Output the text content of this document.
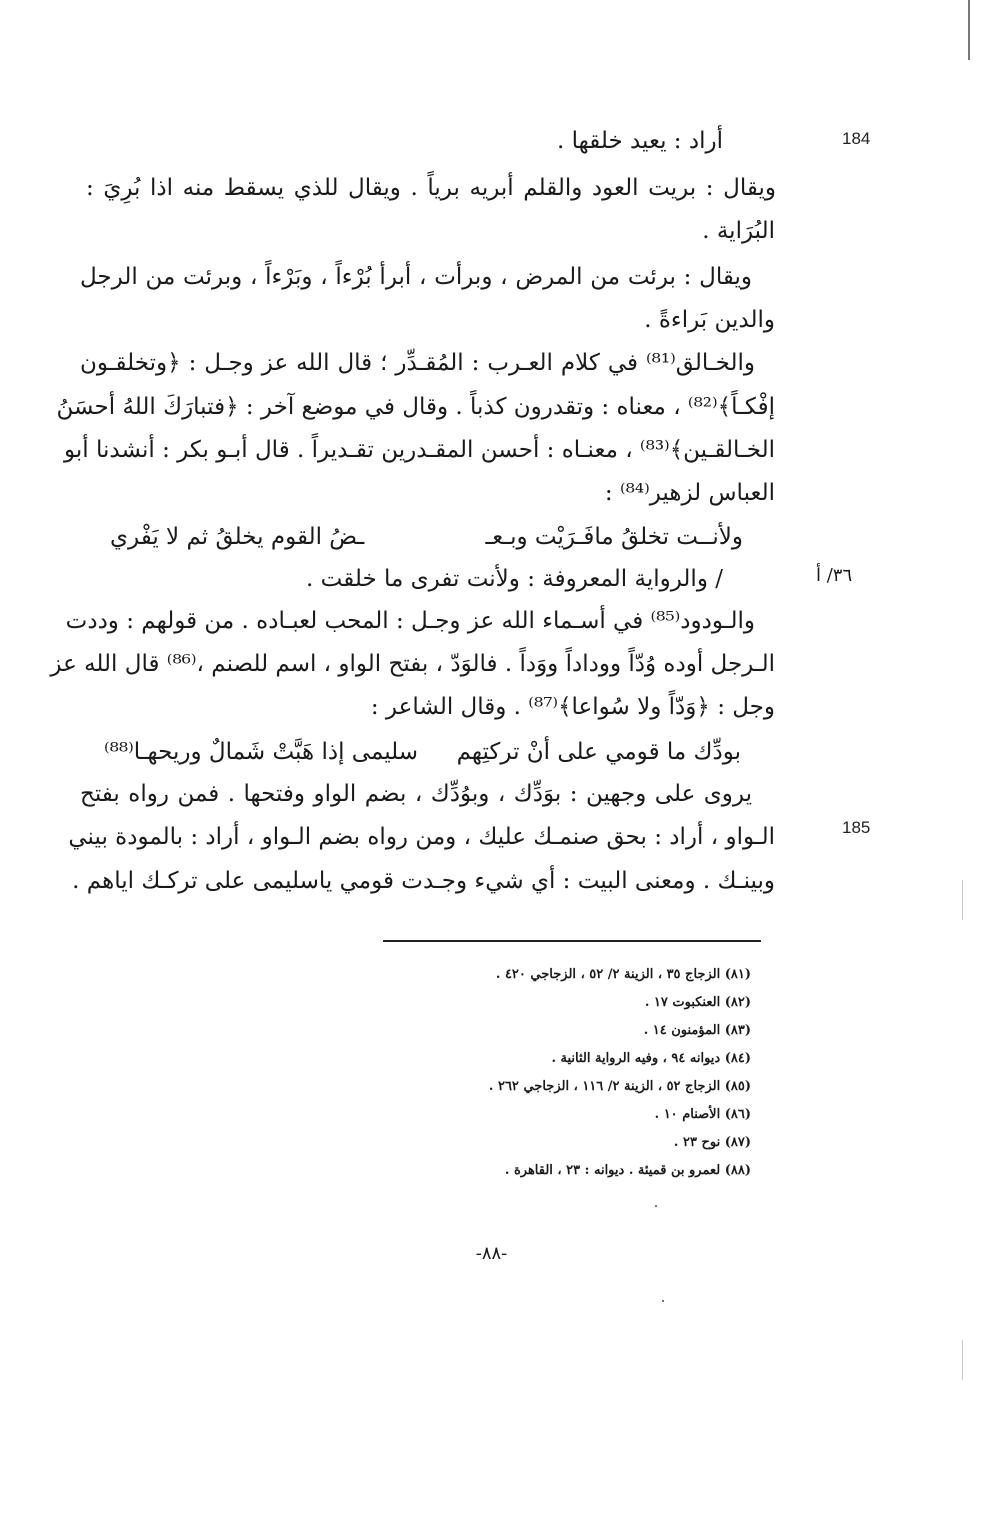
184
185
٣٦/ أ
أراد : يعيد خلقها .
ويقال : بريت العود والقلم أبريه برياً . ويقال للذي يسقط منه اذا بُرِيَ :
البُرَاية .
ويقال : برئت من المرض ، وبرأت ، أبرأ بُرْءاً ، وبَرْءاً ، وبرئت من الرجل
والدين بَراءةً .
والخـالق⁽⁸¹⁾ في كلام العـرب : المُقـدِّر ؛ قال الله عز وجـل : ﴿وتخلقـون
إفْكـاً﴾⁽⁸²⁾ ، معناه : وتقدرون كذباً . وقال في موضع آخر : ﴿فتبارَكَ اللهُ أحسَنُ
الخـالقـين﴾⁽⁸³⁾ ، معنـاه : أحسن المقـدرين تقـديراً . قال أبـو بكر : أنشدنا أبو
العباس لزهير⁽⁸⁴⁾ :
ولأنــت تخلقُ مافَـرَيْت وبـعـ
ـضُ القوم يخلقُ ثم لا يَفْري
/ والرواية المعروفة : ولأنت تفرى ما خلقت .
والـودود⁽⁸⁵⁾ في أسـماء الله عز وجـل : المحب لعبـاده . من قولهم : وددت
الـرجل أوده وُدّاً ووداداً ووَداً . فالوَدّ ، بفتح الواو ، اسم للصنم ،⁽⁸⁶⁾ قال الله عز
وجل : ﴿وَدّاً ولا سُواعا﴾⁽⁸⁷⁾ . وقال الشاعر :
بودِّك ما قومي على أنْ تركتِهم
سليمى إذا هَبَّتْ شَمالٌ وريحهـا⁽⁸⁸⁾
يروى على وجهين : بوَدِّك ، وبوُدِّك ، بضم الواو وفتحها . فمن رواه بفتح
الـواو ، أراد : بحق صنمـك عليك ، ومن رواه بضم الـواو ، أراد : بالمودة بيني
وبينـك . ومعنى البيت : أي شيء وجـدت قومي ياسليمى على تركـك اياهم .
(٨١) الزجاج ٣٥ ، الزينة ٢/ ٥٢ ، الزجاجي ٤٢٠ .
(٨٢) العنكبوت ١٧ .
(٨٣) المؤمنون ١٤ .
(٨٤) ديوانه ٩٤ ، وفيه الرواية الثانية .
(٨٥) الزجاج ٥٢ ، الزينة ٢/ ١١٦ ، الزجاجي ٢٦٢ .
(٨٦) الأصنام ١٠ .
(٨٧) نوح ٢٣ .
(٨٨) لعمرو بن قميئة . ديوانه : ٢٣ ، القاهرة .
-٨٨-
